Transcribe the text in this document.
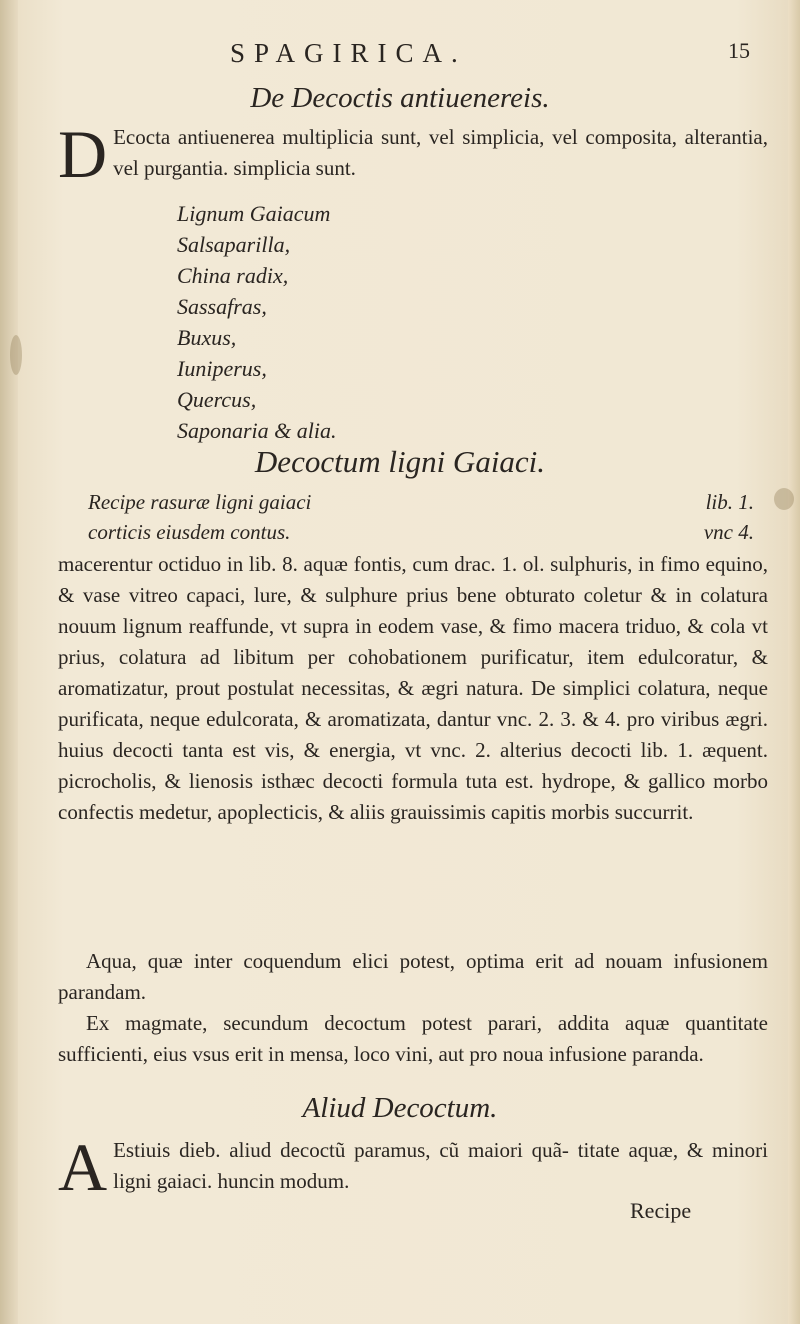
SPAGIRICA.	15
De Decoctis antiuenereis.
D Ecocta antiuenerea multiplicia sunt, vel simplicia, vel composita, alterantia, vel purgantia. simplicia sunt.
Lignum Gaiacum
Salsaparilla,
China radix,
Sassafras,
Buxus,
Iuniperus,
Quercus,
Saponaria & alia.
Decoctum ligni Gaiaci.
Recipe rasuræ ligni gaiaci	lib. 1.
corticis eiusdem contus.	vnc 4.
macerentur octiduo in lib. 8. aquæ fontis, cum drac. 1. ol. sulphuris, in fimo equino, & vase vitreo capaci, lure, & sulphure prius bene obturato coletur & in colatura nouum lignum reaffunde, vt supra in eodem vase, & fimo macera triduo, & cola vt prius, colatura ad libitum per cohobationem purificatur, item edulcoratur, & aromatizatur, prout postulat necessitas, & ægri natura. De simplici colatura, neque purificata, neque edulcorata, & aromatizata, dantur vnc. 2. 3. & 4. pro viribus ægri. huius decocti tanta est vis, & energia, vt vnc. 2. alterius decocti lib. 1. æquent. picrocholis, & lienosis isthæc decocti formula tuta est. hydrope, & gallico morbo confectis medetur, apoplecticis, & aliis grauissimis capitis morbis succurrit.
Aqua, quæ inter coquendum elici potest, optima erit ad nouam infusionem parandam.
Ex magmate, secundum decoctum potest parari, addita aquæ quantitate sufficienti, eius vsus erit in mensa, loco vini, aut pro noua infusione paranda.
Aliud Decoctum.
A Estiuis dieb. aliud decoctũ paramus, cũ maiori quã- titate aquæ, & minori ligni gaiaci. huncin modum.
Recipe
